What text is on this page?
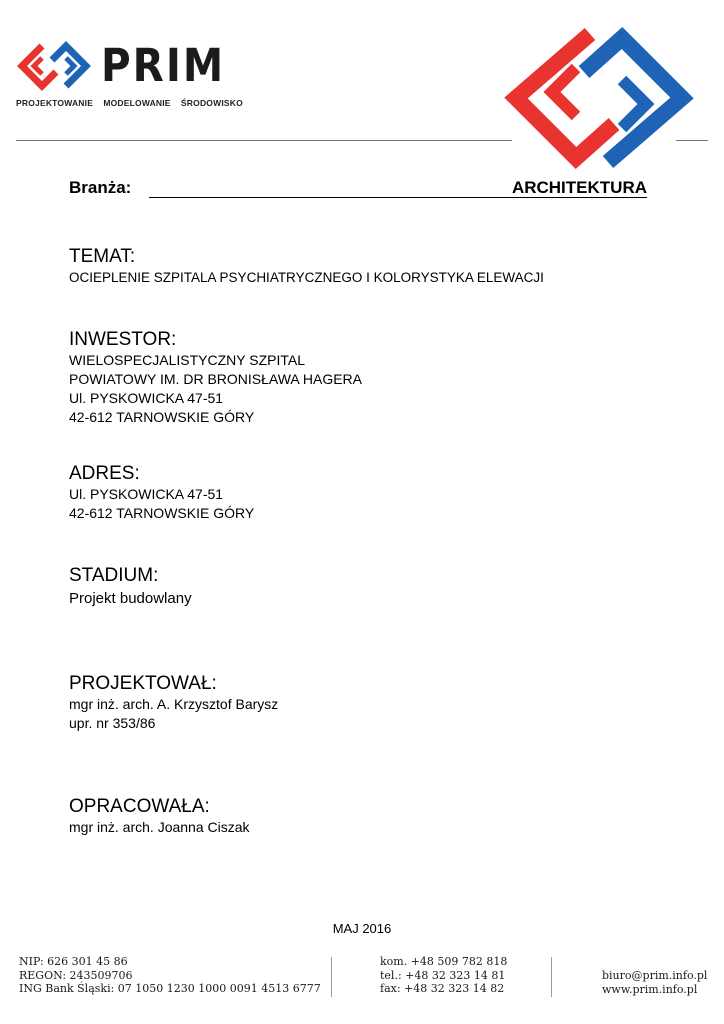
PRIM
PROJEKTOWANIE    MODELOWANIE    ŚRODOWISKO
Branża:	ARCHITEKTURA

TEMAT:

OCIEPLENIE SZPITALA PSYCHIATRYCZNEGO I KOLORYSTYKA ELEWACJI

INWESTOR:

WIELOSPECJALISTYCZNY SZPITAL

POWIATOWY IM. DR BRONISŁAWA HAGERA

Ul. PYSKOWICKA 47-51

42-612 TARNOWSKIE GÓRY

ADRES:

Ul. PYSKOWICKA 47-51

42-612 TARNOWSKIE GÓRY

STADIUM:

Projekt budowlany

PROJEKTOWAŁ:

mgr inż. arch. A. Krzysztof Barysz

upr. nr 353/86

OPRACOWAŁA:

mgr inż. arch. Joanna Ciszak

MAJ 2016
NIP: 626 301 45 86
REGON: 243509706
ING Bank Śląski: 07 1050 1230 1000 0091 4513 6777
kom. +48 509 782 818
tel.: +48 32 323 14 81
fax: +48 32 323 14 82
biuro@prim.info.pl
www.prim.info.pl
